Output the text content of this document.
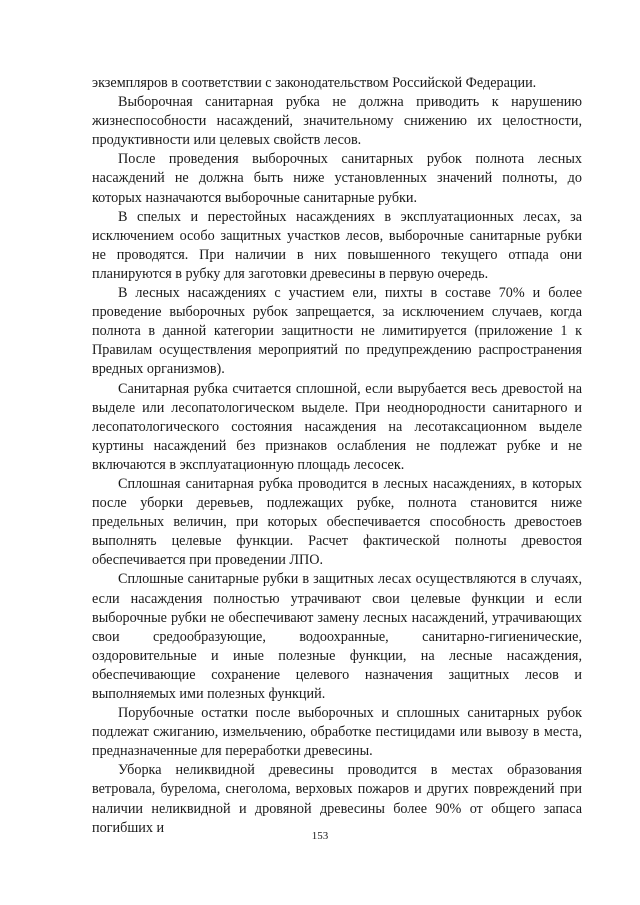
экземпляров в соответствии с законодательством Российской Федерации.

Выборочная санитарная рубка не должна приводить к нарушению жизнеспособности насаждений, значительному снижению их целостности, продуктивности или целевых свойств лесов.

После проведения выборочных санитарных рубок полнота лесных насаждений не должна быть ниже установленных значений полноты, до которых назначаются выборочные санитарные рубки.

В спелых и перестойных насаждениях в эксплуатационных лесах, за исключением особо защитных участков лесов, выборочные санитарные рубки не проводятся. При наличии в них повышенного текущего отпада они планируются в рубку для заготовки древесины в первую очередь.

В лесных насаждениях с участием ели, пихты в составе 70% и более проведение выборочных рубок запрещается, за исключением случаев, когда полнота в данной категории защитности не лимитируется (приложение 1 к Правилам осуществления мероприятий по предупреждению распространения вредных организмов).

Санитарная рубка считается сплошной, если вырубается весь древостой на выделе или лесопатологическом выделе. При неоднородности санитарного и лесопатологического состояния насаждения на лесотаксационном выделе куртины насаждений без признаков ослабления не подлежат рубке и не включаются в эксплуатационную площадь лесосек.

Сплошная санитарная рубка проводится в лесных насаждениях, в которых после уборки деревьев, подлежащих рубке, полнота становится ниже предельных величин, при которых обеспечивается способность древостоев выполнять целевые функции. Расчет фактической полноты древостоя обеспечивается при проведении ЛПО.

Сплошные санитарные рубки в защитных лесах осуществляются в случаях, если насаждения полностью утрачивают свои целевые функции и если выборочные рубки не обеспечивают замену лесных насаждений, утрачивающих свои средообразующие, водоохранные, санитарно-гигиенические, оздоровительные и иные полезные функции, на лесные насаждения, обеспечивающие сохранение целевого назначения защитных лесов и выполняемых ими полезных функций.

Порубочные остатки после выборочных и сплошных санитарных рубок подлежат сжиганию, измельчению, обработке пестицидами или вывозу в места, предназначенные для переработки древесины.

Уборка неликвидной древесины проводится в местах образования ветровала, бурелома, снеголома, верховых пожаров и других повреждений при наличии неликвидной и дровяной древесины более 90% от общего запаса погибших и

153
